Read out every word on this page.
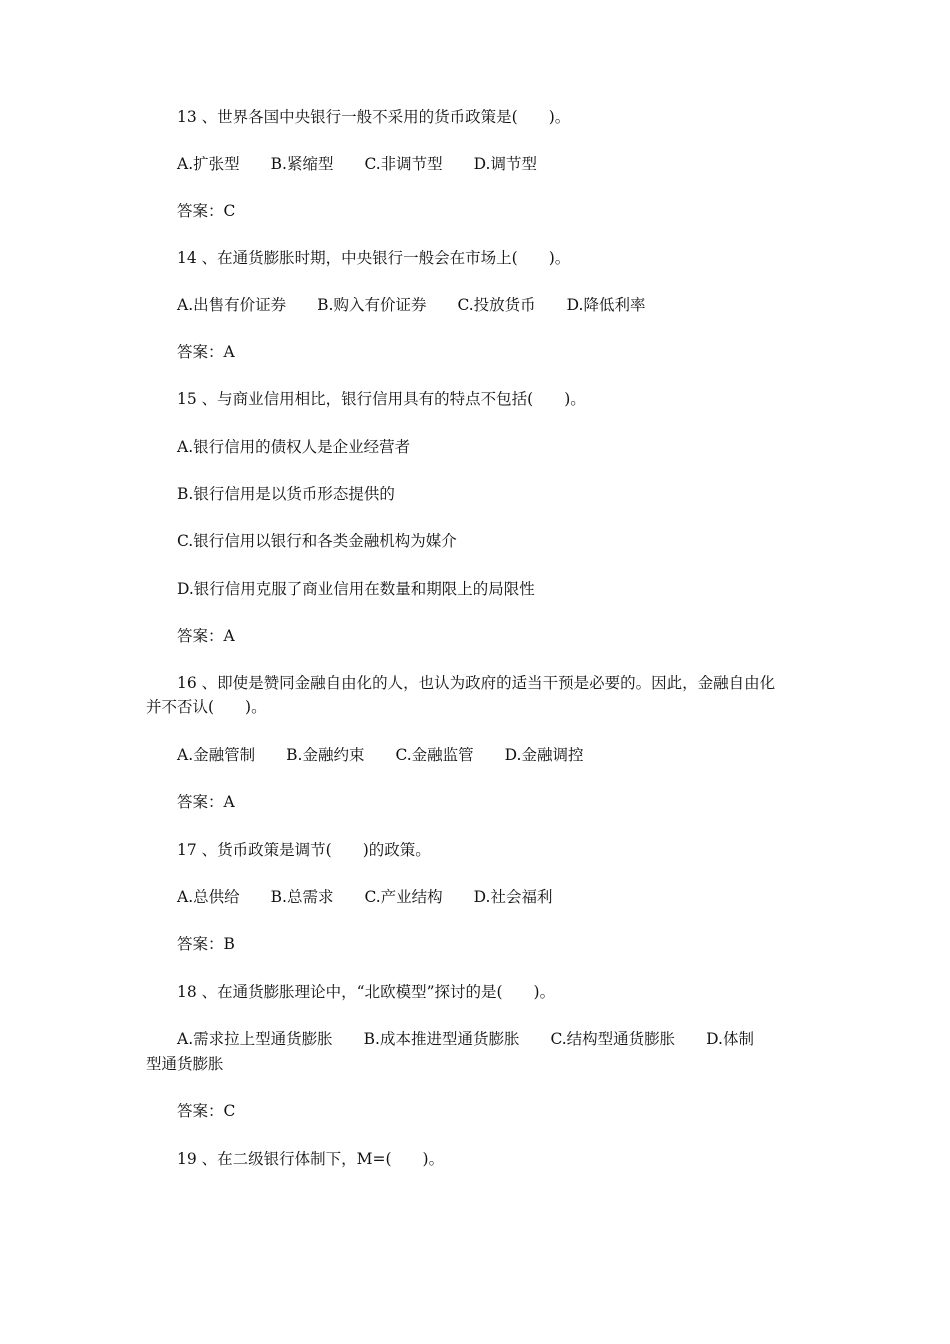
13 、世界各国中央银行一般不采用的货币政策是(　　)。

A.扩张型　　B.紧缩型　　C.非调节型　　D.调节型

答案：C

14 、在通货膨胀时期，中央银行一般会在市场上(　　)。

A.出售有价证券　　B.购入有价证券　　C.投放货币　　D.降低利率

答案：A

15 、与商业信用相比，银行信用具有的特点不包括(　　)。

A.银行信用的债权人是企业经营者

B.银行信用是以货币形态提供的

C.银行信用以银行和各类金融机构为媒介

D.银行信用克服了商业信用在数量和期限上的局限性

答案：A

16 、即使是赞同金融自由化的人，也认为政府的适当干预是必要的。因此，金融自由化

并不否认(　　)。

A.金融管制　　B.金融约束　　C.金融监管　　D.金融调控

答案：A

17 、货币政策是调节(　　)的政策。

A.总供给　　B.总需求　　C.产业结构　　D.社会福利

答案：B

18 、在通货膨胀理论中，“北欧模型”探讨的是(　　)。

A.需求拉上型通货膨胀　　B.成本推进型通货膨胀　　C.结构型通货膨胀　　D.体制

型通货膨胀

答案：C

19 、在二级银行体制下，M=(　　)。
